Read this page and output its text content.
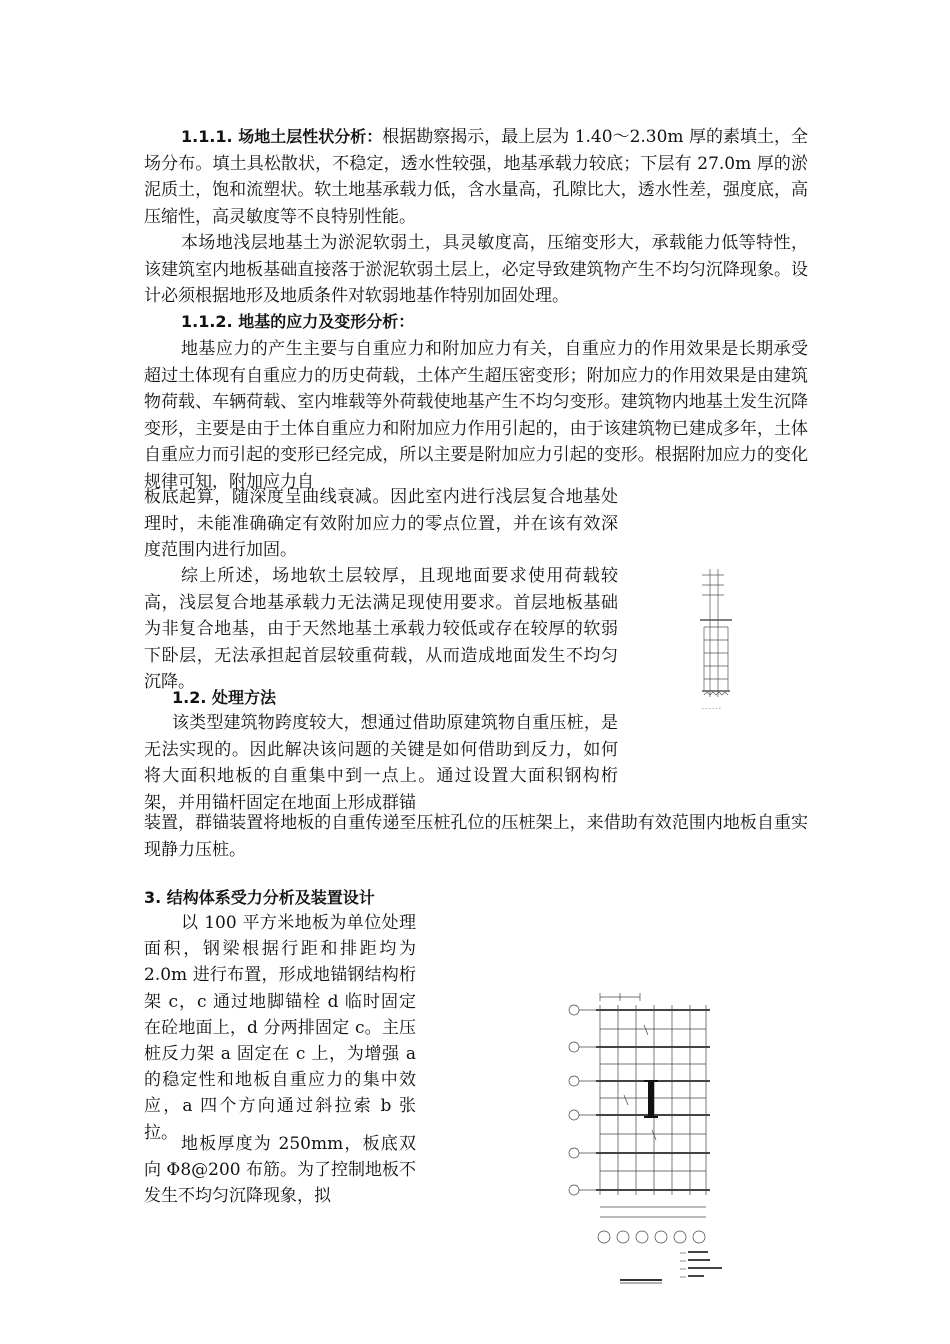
1.1.1. 场地土层性状分析：根据勘察揭示，最上层为 1.40～2.30m 厚的素填土，全场分布。填土具松散状，不稳定，透水性较强，地基承载力较底；下层有 27.0m 厚的淤泥质土，饱和流塑状。软土地基承载力低，含水量高，孔隙比大，透水性差，强度底，高压缩性，高灵敏度等不良特别性能。

本场地浅层地基土为淤泥软弱土，具灵敏度高，压缩变形大，承载能力低等特性，该建筑室内地板基础直接落于淤泥软弱土层上，必定导致建筑物产生不均匀沉降现象。设计必须根据地形及地质条件对软弱地基作特别加固处理。

1.1.2. 地基的应力及变形分析：

地基应力的产生主要与自重应力和附加应力有关，自重应力的作用效果是长期承受超过土体现有自重应力的历史荷载，土体产生超压密变形；附加应力的作用效果是由建筑物荷载、车辆荷载、室内堆载等外荷载使地基产生不均匀变形。建筑物内地基土发生沉降变形，主要是由于土体自重应力和附加应力作用引起的，由于该建筑物已建成多年，土体自重应力而引起的变形已经完成，所以主要是附加应力引起的变形。根据附加应力的变化规律可知，附加应力自

板底起算，随深度呈曲线衰减。因此室内进行浅层复合地基处理时，未能准确确定有效附加应力的零点位置，并在该有效深度范围内进行加固。

综上所述，场地软土层较厚，且现地面要求使用荷载较高，浅层复合地基承载力无法满足现使用要求。首层地板基础为非复合地基，由于天然地基土承载力较低或存在较厚的软弱下卧层，无法承担起首层较重荷载，从而造成地面发生不均匀沉降。

1.2. 处理方法

该类型建筑物跨度较大，想通过借助原建筑物自重压桩，是无法实现的。因此解决该问题的关键是如何借助到反力，如何将大面积地板的自重集中到一点上。通过设置大面积钢构桁架，并用锚杆固定在地面上形成群锚

装置，群锚装置将地板的自重传递至压桩孔位的压桩架上，来借助有效范围内地板自重实现静力压桩。

3. 结构体系受力分析及装置设计

以 100 平方米地板为单位处理面积，钢梁根据行距和排距均为 2.0m 进行布置，形成地锚钢结构桁架 c，c 通过地脚锚栓 d 临时固定在砼地面上，d 分两排固定 c。主压桩反力架 a 固定在 c 上，为增强 a 的稳定性和地板自重应力的集中效应，a 四个方向通过斜拉索 b 张拉。

地板厚度为 250mm，板底双向 Φ8@200 布筋。为了控制地板不发生不均匀沉降现象，拟

- - - - - -
